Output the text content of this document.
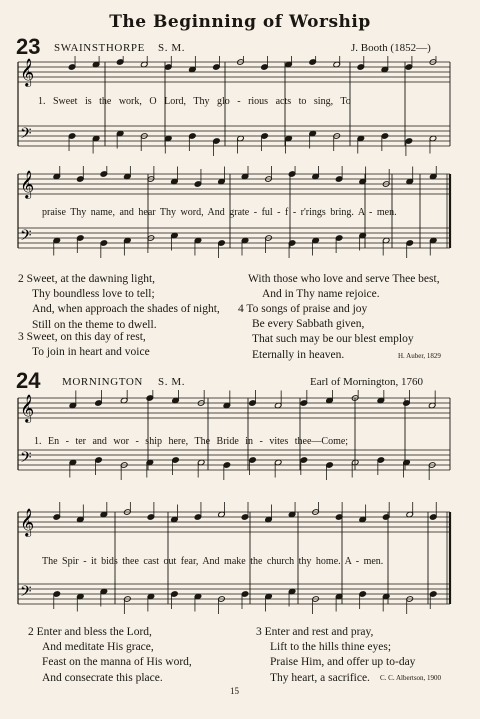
The Beginning of Worship
23 SWAINSTHORPE S. M.	J. Booth (1852—)
𝄞
𝄢
1. Sweet is the work, O Lord, Thy glo - rious acts to sing, To
𝄞
𝄢
praise Thy name, and hear Thy word, And grate - ful - f - r'rings bring. A - men.
2 Sweet, at the dawning light,
Thy boundless love to tell;
And, when approach the shades of night,
Still on the theme to dwell.
3 Sweet, on this day of rest,
To join in heart and voice
With those who love and serve Thee best,
And in Thy name rejoice.
4 To songs of praise and joy
Be every Sabbath given,
That such may be our blest employ
Eternally in heaven.	H. Auber, 1829
24 MORNINGTON S. M.	Earl of Mornington, 1760
𝄞
𝄢
1. En - ter and wor - ship here, The Bride in - vites thee—Come;
𝄞
𝄢
The Spir - it bids thee cast out fear, And make the church thy home. A - men.
2 Enter and bless the Lord,
And meditate His grace,
Feast on the manna of His word,
And consecrate this place.
3 Enter and rest and pray,
Lift to the hills thine eyes;
Praise Him, and offer up to-day
Thy heart, a sacrifice.	C. C. Albertson, 1900
15
